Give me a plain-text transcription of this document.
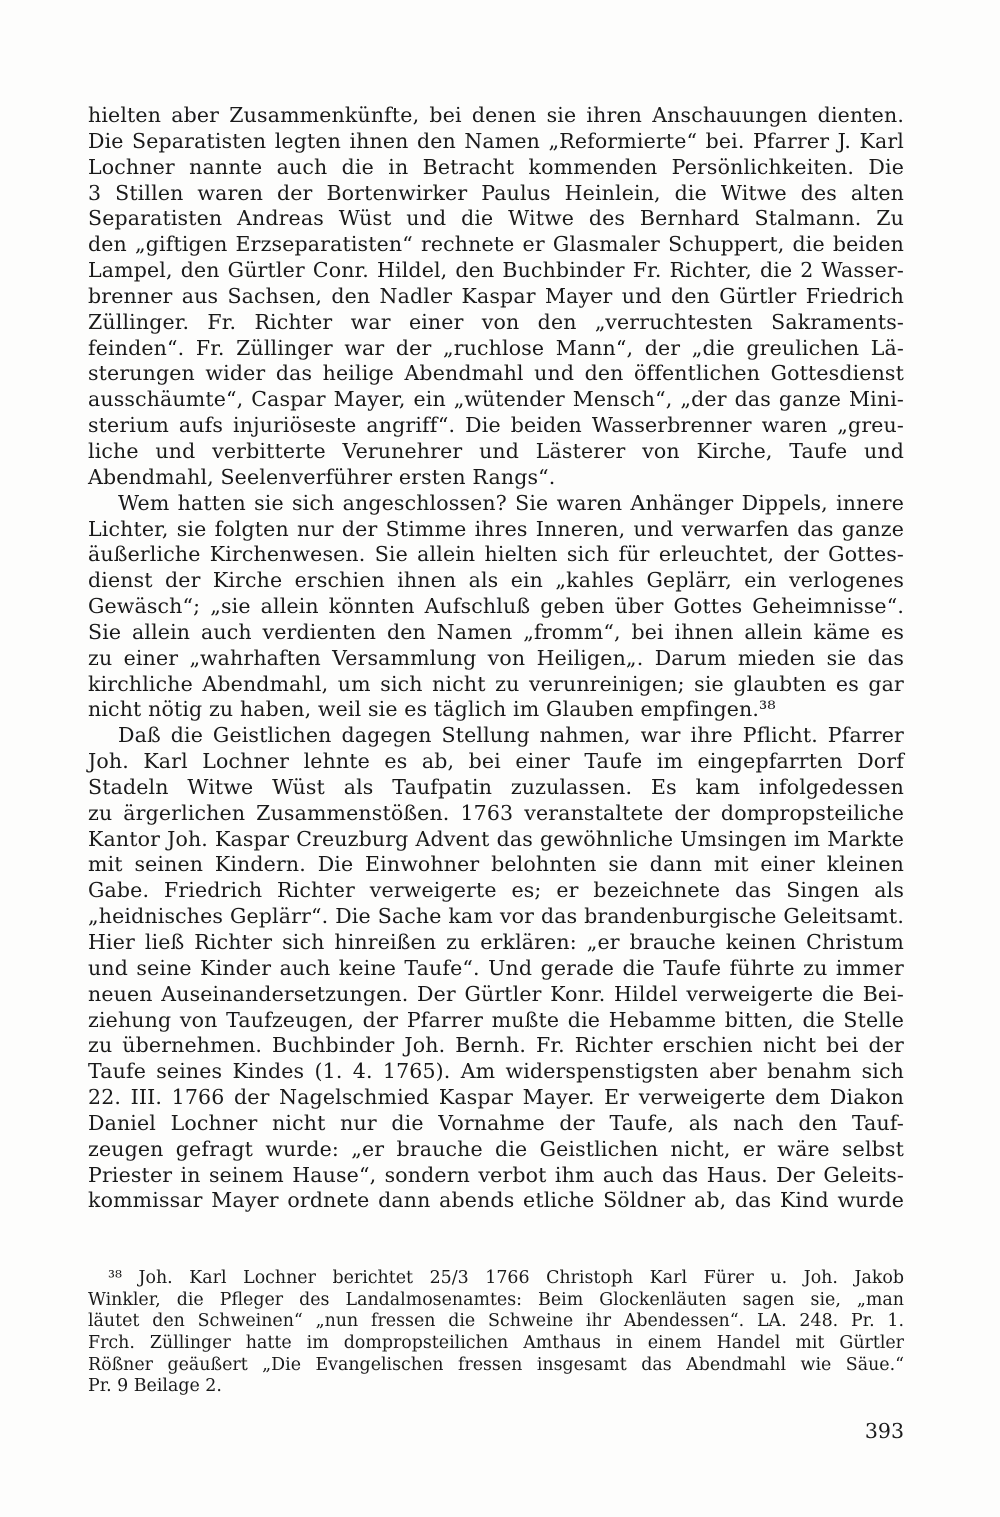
hielten aber Zusammenkünfte, bei denen sie ihren Anschauungen dienten.
Die Separatisten legten ihnen den Namen „Reformierte“ bei. Pfarrer J. Karl
Lochner nannte auch die in Betracht kommenden Persönlichkeiten. Die
3 Stillen waren der Bortenwirker Paulus Heinlein, die Witwe des alten
Separatisten Andreas Wüst und die Witwe des Bernhard Stalmann. Zu
den „giftigen Erzseparatisten“ rechnete er Glasmaler Schuppert, die beiden
Lampel, den Gürtler Conr. Hildel, den Buchbinder Fr. Richter, die 2 Wasser-
brenner aus Sachsen, den Nadler Kaspar Mayer und den Gürtler Friedrich
Züllinger. Fr. Richter war einer von den „verruchtesten Sakraments-
feinden“. Fr. Züllinger war der „ruchlose Mann“, der „die greulichen Lä-
sterungen wider das heilige Abendmahl und den öffentlichen Gottesdienst
ausschäumte“, Caspar Mayer, ein „wütender Mensch“, „der das ganze Mini-
sterium aufs injuriöseste angriff“. Die beiden Wasserbrenner waren „greu-
liche und verbitterte Verunehrer und Lästerer von Kirche, Taufe und
Abendmahl, Seelenverführer ersten Rangs“.
Wem hatten sie sich angeschlossen? Sie waren Anhänger Dippels, innere
Lichter, sie folgten nur der Stimme ihres Inneren, und verwarfen das ganze
äußerliche Kirchenwesen. Sie allein hielten sich für erleuchtet, der Gottes-
dienst der Kirche erschien ihnen als ein „kahles Geplärr, ein verlogenes
Gewäsch“; „sie allein könnten Aufschluß geben über Gottes Geheimnisse“.
Sie allein auch verdienten den Namen „fromm“, bei ihnen allein käme es
zu einer „wahrhaften Versammlung von Heiligen„. Darum mieden sie das
kirchliche Abendmahl, um sich nicht zu verunreinigen; sie glaubten es gar
nicht nötig zu haben, weil sie es täglich im Glauben empfingen.³⁸
Daß die Geistlichen dagegen Stellung nahmen, war ihre Pflicht. Pfarrer
Joh. Karl Lochner lehnte es ab, bei einer Taufe im eingepfarrten Dorf
Stadeln Witwe Wüst als Taufpatin zuzulassen. Es kam infolgedessen
zu ärgerlichen Zusammenstößen. 1763 veranstaltete der dompropsteiliche
Kantor Joh. Kaspar Creuzburg Advent das gewöhnliche Umsingen im Markte
mit seinen Kindern. Die Einwohner belohnten sie dann mit einer kleinen
Gabe. Friedrich Richter verweigerte es; er bezeichnete das Singen als
„heidnisches Geplärr“. Die Sache kam vor das brandenburgische Geleitsamt.
Hier ließ Richter sich hinreißen zu erklären: „er brauche keinen Christum
und seine Kinder auch keine Taufe“. Und gerade die Taufe führte zu immer
neuen Auseinandersetzungen. Der Gürtler Konr. Hildel verweigerte die Bei-
ziehung von Taufzeugen, der Pfarrer mußte die Hebamme bitten, die Stelle
zu übernehmen. Buchbinder Joh. Bernh. Fr. Richter erschien nicht bei der
Taufe seines Kindes (1. 4. 1765). Am widerspenstigsten aber benahm sich
22. III. 1766 der Nagelschmied Kaspar Mayer. Er verweigerte dem Diakon
Daniel Lochner nicht nur die Vornahme der Taufe, als nach den Tauf-
zeugen gefragt wurde: „er brauche die Geistlichen nicht, er wäre selbst
Priester in seinem Hause“, sondern verbot ihm auch das Haus. Der Geleits-
kommissar Mayer ordnete dann abends etliche Söldner ab, das Kind wurde
³⁸ Joh. Karl Lochner berichtet 25/3 1766 Christoph Karl Fürer u. Joh. Jakob
Winkler, die Pfleger des Landalmosenamtes: Beim Glockenläuten sagen sie, „man
läutet den Schweinen“ „nun fressen die Schweine ihr Abendessen“. LA. 248. Pr. 1.
Frch. Züllinger hatte im dompropsteilichen Amthaus in einem Handel mit Gürtler
Rößner geäußert „Die Evangelischen fressen insgesamt das Abendmahl wie Säue.“
Pr. 9 Beilage 2.
393
